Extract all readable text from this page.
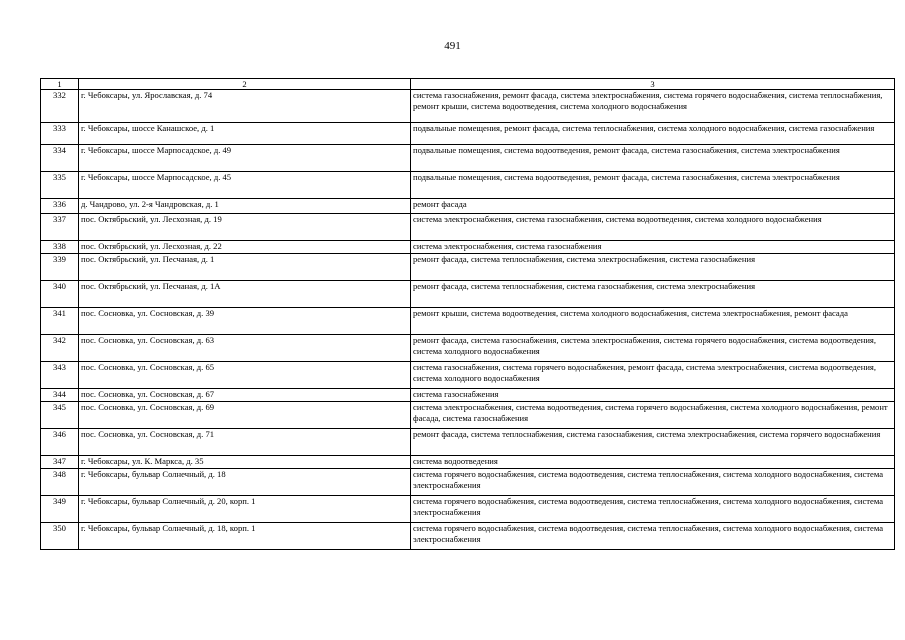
491
1	2	3
332	г. Чебоксары, ул. Ярославская, д. 74	система газоснабжения, ремонт фасада, система электроснабжения, система горячего водоснабжения, система теплоснабжения, ремонт крыши, система водоотведения, система холодного водоснабжения
333	г. Чебоксары, шоссе Канашское, д. 1	подвальные помещения, ремонт фасада, система теплоснабжения, система холодного водоснабжения, система газоснабжения
334	г. Чебоксары, шоссе Марпосадское, д. 49	подвальные помещения, система водоотведения, ремонт фасада, система газоснабжения, система электроснабжения
335	г. Чебоксары, шоссе Марпосадское, д. 45	подвальные помещения, система водоотведения, ремонт фасада, система газоснабжения, система электроснабжения
336	д. Чандрово, ул. 2-я Чандровская, д. 1	ремонт фасада
337	пос. Октябрьский, ул. Лесхозная, д. 19	система электроснабжения, система газоснабжения, система водоотведения, система холодного водоснабжения
338	пос. Октябрьский, ул. Лесхозная, д. 22	система электроснабжения, система газоснабжения
339	пос. Октябрьский, ул. Песчаная, д. 1	ремонт фасада, система теплоснабжения, система электроснабжения, система газоснабжения
340	пос. Октябрьский, ул. Песчаная, д. 1А	ремонт фасада, система теплоснабжения, система газоснабжения, система электроснабжения
341	пос. Сосновка, ул. Сосновская, д. 39	ремонт крыши, система водоотведения, система холодного водоснабжения, система электроснабжения, ремонт фасада
342	пос. Сосновка, ул. Сосновская, д. 63	ремонт фасада, система газоснабжения, система электроснабжения, система горячего водоснабжения, система водоотведения, система холодного водоснабжения
343	пос. Сосновка, ул. Сосновская, д. 65	система газоснабжения, система горячего водоснабжения, ремонт фасада, система электроснабжения, система водоотведения, система холодного водоснабжения
344	пос. Сосновка, ул. Сосновская, д. 67	система газоснабжения
345	пос. Сосновка, ул. Сосновская, д. 69	система электроснабжения, система водоотведения, система горячего водоснабжения, система холодного водоснабжения, ремонт фасада, система газоснабжения
346	пос. Сосновка, ул. Сосновская, д. 71	ремонт фасада, система теплоснабжения, система газоснабжения, система электроснабжения, система горячего водоснабжения
347	г. Чебоксары, ул. К. Маркса, д. 35	система водоотведения
348	г. Чебоксары, бульвар Солнечный, д. 18	система горячего водоснабжения, система водоотведения, система теплоснабжения, система холодного водоснабжения, система электроснабжения
349	г. Чебоксары, бульвар Солнечный, д. 20, корп. 1	система горячего водоснабжения, система водоотведения, система теплоснабжения, система холодного водоснабжения, система электроснабжения
350	г. Чебоксары, бульвар Солнечный, д. 18, корп. 1	система горячего водоснабжения, система водоотведения, система теплоснабжения, система холодного водоснабжения, система электроснабжения
